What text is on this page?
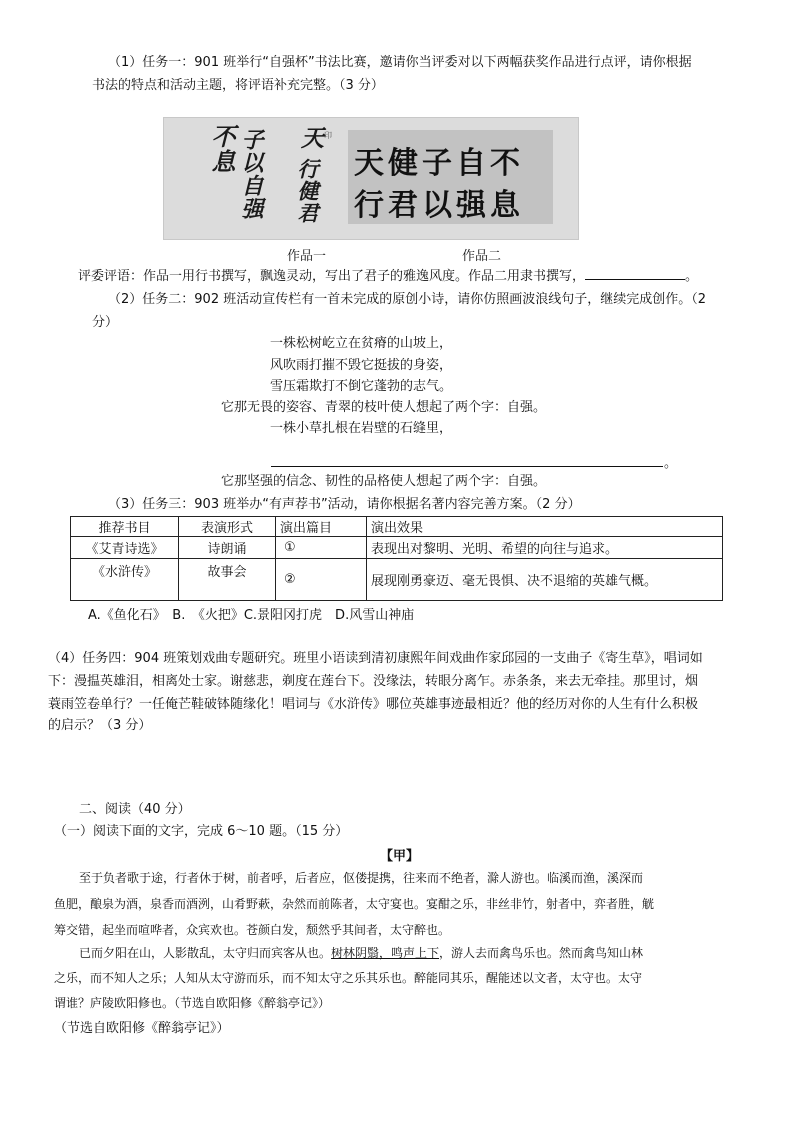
（1）任务一：901 班举行“自强杯”书法比赛，邀请你当评委对以下两幅获奖作品进行点评，请你根据
书法的特点和活动主题，将评语补充完整。（3 分）
天
行健君
子以自强
不息	印
天健子自不
行君以强息
作品一	作品二
评委评语：作品一用行书撰写，飘逸灵动，写出了君子的雅逸风度。作品二用隶书撰写，	。
（2）任务二：902 班活动宣传栏有一首未完成的原创小诗，请你仿照画波浪线句子，继续完成创作。（2
分）
一株松树屹立在贫瘠的山坡上，
风吹雨打摧不毁它挺拔的身姿，
雪压霜欺打不倒它蓬勃的志气。
它那无畏的姿容、青翠的枝叶使人想起了两个字：自强。
一株小草扎根在岩壁的石缝里，
。
它那坚强的信念、韧性的品格使人想起了两个字：自强。
（3）任务三：903 班举办“有声荐书”活动，请你根据名著内容完善方案。（2 分）
推荐书目	表演形式	演出篇目	演出效果
《艾青诗选》	诗朗诵	①	表现出对黎明、光明、希望的向往与追求。
《水浒传》	故事会	②	展现刚勇豪迈、毫无畏惧、决不退缩的英雄气概。
A.《鱼化石》　B.　《火把》C.景阳冈打虎　D.风雪山神庙
（4）任务四：904 班策划戏曲专题研究。班里小语读到清初康熙年间戏曲作家邱园的一支曲子《寄生草》，唱词如
下：漫揾英雄泪，相离处士家。谢慈悲，剃度在莲台下。没缘法，转眼分离乍。赤条条，来去无牵挂。那里讨，烟
蓑雨笠卷单行？一任俺芒鞋破钵随缘化！唱词与《水浒传》哪位英雄事迹最相近？他的经历对你的人生有什么积极
的启示？（3 分）
二、阅读（40 分）
（一）阅读下面的文字，完成 6～10 题。（15 分）
【甲】
至于负者歌于途，行者休于树，前者呼，后者应，伛偻提携，往来而不绝者，滁人游也。临溪而渔，溪深而
鱼肥，酿泉为酒，泉香而酒洌，山肴野蔌，杂然而前陈者，太守宴也。宴酣之乐，非丝非竹，射者中，弈者胜，觥
筹交错，起坐而喧哗者，众宾欢也。苍颜白发，颓然乎其间者，太守醉也。
已而夕阳在山，人影散乱，太守归而宾客从也。树林阴翳，鸣声上下，游人去而禽鸟乐也。然而禽鸟知山林
之乐，而不知人之乐；人知从太守游而乐，而不知太守之乐其乐也。醉能同其乐，醒能述以文者，太守也。太守
谓谁？庐陵欧阳修也。（节选自欧阳修《醉翁亭记》）
（节选自欧阳修《醉翁亭记》）
